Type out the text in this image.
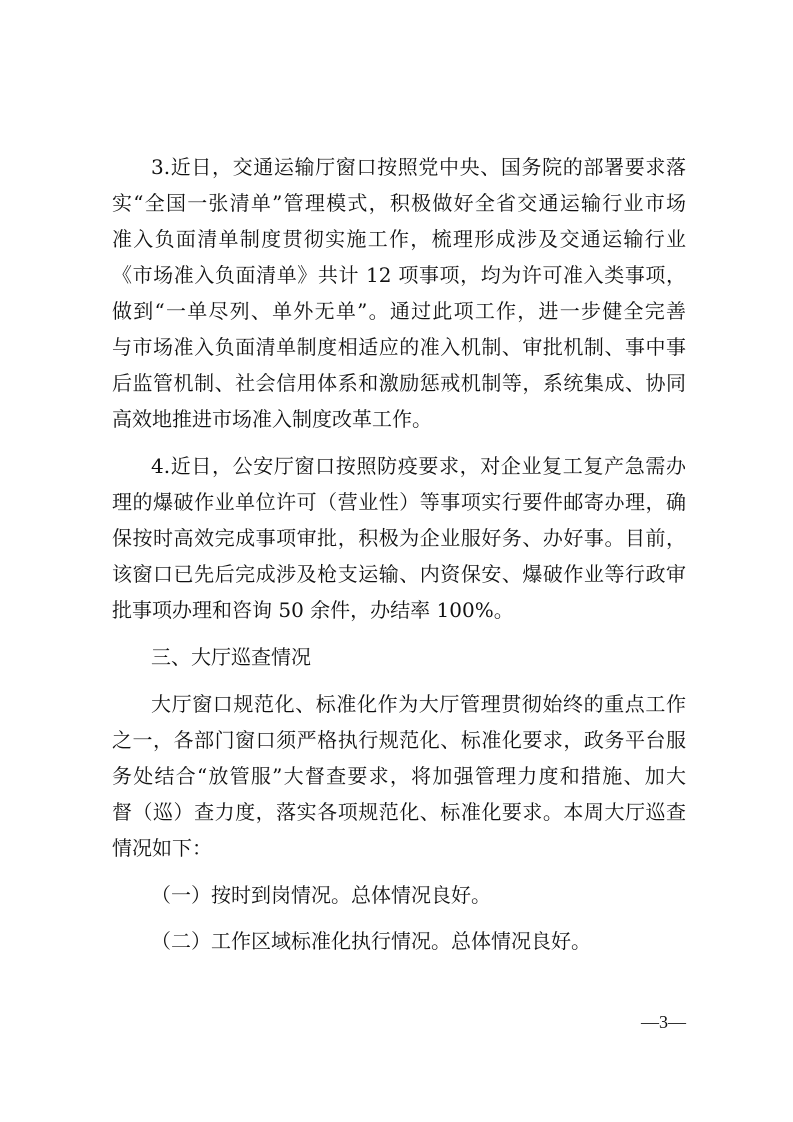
3.近日，交通运输厅窗口按照党中央、国务院的部署要求落
实“全国一张清单”管理模式，积极做好全省交通运输行业市场
准入负面清单制度贯彻实施工作，梳理形成涉及交通运输行业
《市场准入负面清单》共计 12 项事项，均为许可准入类事项，
做到“一单尽列、单外无单”。通过此项工作，进一步健全完善
与市场准入负面清单制度相适应的准入机制、审批机制、事中事
后监管机制、社会信用体系和激励惩戒机制等，系统集成、协同
高效地推进市场准入制度改革工作。
4.近日，公安厅窗口按照防疫要求，对企业复工复产急需办
理的爆破作业单位许可（营业性）等事项实行要件邮寄办理，确
保按时高效完成事项审批，积极为企业服好务、办好事。目前，
该窗口已先后完成涉及枪支运输、内资保安、爆破作业等行政审
批事项办理和咨询 50 余件，办结率 100%。
三、大厅巡查情况
大厅窗口规范化、标准化作为大厅管理贯彻始终的重点工作
之一，各部门窗口须严格执行规范化、标准化要求，政务平台服
务处结合“放管服”大督查要求，将加强管理力度和措施、加大
督（巡）查力度，落实各项规范化、标准化要求。本周大厅巡查
情况如下：
（一）按时到岗情况。总体情况良好。
（二）工作区域标准化执行情况。总体情况良好。
—3—
